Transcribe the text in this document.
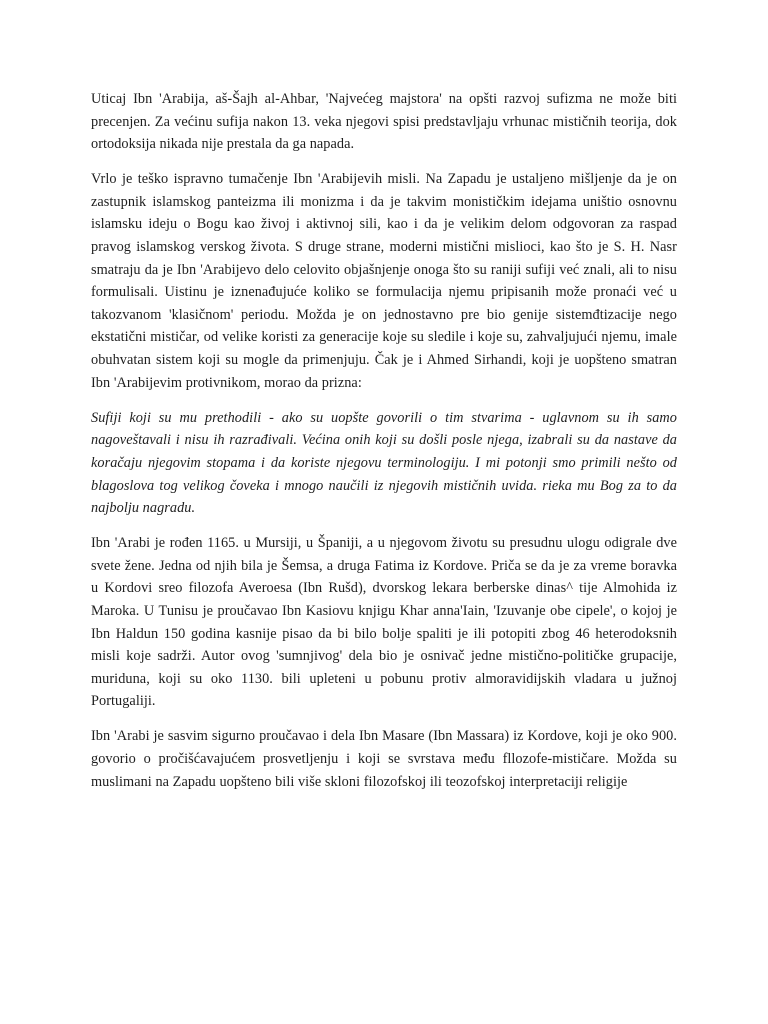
Uticaj Ibn 'Arabija, aš-Šajh al-Ahbar, 'Najvećeg majstora' na opšti razvoj sufizma ne može biti precenjen. Za većinu sufija nakon 13. veka njegovi spisi predstavljaju vrhunac mističnih teorija, dok ortodoksija nikada nije prestala da ga napada.

Vrlo je teško ispravno tumačenje Ibn 'Arabijevih misli. Na Zapadu je ustaljeno mišljenje da je on zastupnik islamskog panteizma ili monizma i da je takvim monističkim idejama uništio osnovnu islamsku ideju o Bogu kao živoj i aktivnoj sili, kao i da je velikim delom odgovoran za raspad pravog islamskog verskog života. S druge strane, moderni mistični mislioci, kao što je S. H. Nasr smatraju da je Ibn 'Arabijevo delo celovito objašnjenje onoga što su raniji sufiji već znali, ali to nisu formulisali. Uistinu je iznenađujuće koliko se formulacija njemu pripisanih može pronaći već u takozvanom 'klasičnom' periodu. Možda je on jednostavno pre bio genije sistemđtizacije nego ekstatični mističar, od velike koristi za generacije koje su sledile i koje su, zahvaljujući njemu, imale obuhvatan sistem koji su mogle da primenjuju. Čak je i Ahmed Sirhandi, koji je uopšteno smatran Ibn 'Arabijevim protivnikom, morao da prizna:

Sufiji koji su mu prethodili - ako su uopšte govorili o tim stvarima - uglavnom su ih samo nagoveštavali i nisu ih razrađivali. Većina onih koji su došli posle njega, izabrali su da nastave da koračaju njegovim stopama i da koriste njegovu terminologiju. I mi potonji smo primili nešto od blagoslova tog velikog čoveka i mnogo naučili iz njegovih mističnih uvida. rieka mu Bog za to da najbolju nagradu.

Ibn 'Arabi je rođen 1165. u Mursiji, u Španiji, a u njegovom životu su presudnu ulogu odigrale dve svete žene. Jedna od njih bila je Šemsa, a druga Fatima iz Kordove. Priča se da je za vreme boravka u Kordovi sreo filozofa Averoesa (Ibn Rušd), dvorskog lekara berberske dinas^ tije Almohida iz Maroka. U Tunisu je proučavao Ibn Kasiovu knjigu Khar anna'Iain, 'Izuvanje obe cipele', o kojoj je Ibn Haldun 150 godina kasnije pisao da bi bilo bolje spaliti je ili potopiti zbog 46 heterodoksnih misli koje sadrži. Autor ovog 'sumnjivog' dela bio je osnivač jedne mistično-političke grupacije, muriduna, koji su oko 1130. bili upleteni u pobunu protiv almoravidijskih vladara u južnoj Portugaliji.

Ibn 'Arabi je sasvim sigurno proučavao i dela Ibn Masare (Ibn Massara) iz Kordove, koji je oko 900. govorio o pročišćavajućem prosvetljenju i koji se svrstava među fllozofe-mističare. Možda su muslimani na Zapadu uopšteno bili više skloni filozofskoj ili teozofskoj interpretaciji religije
